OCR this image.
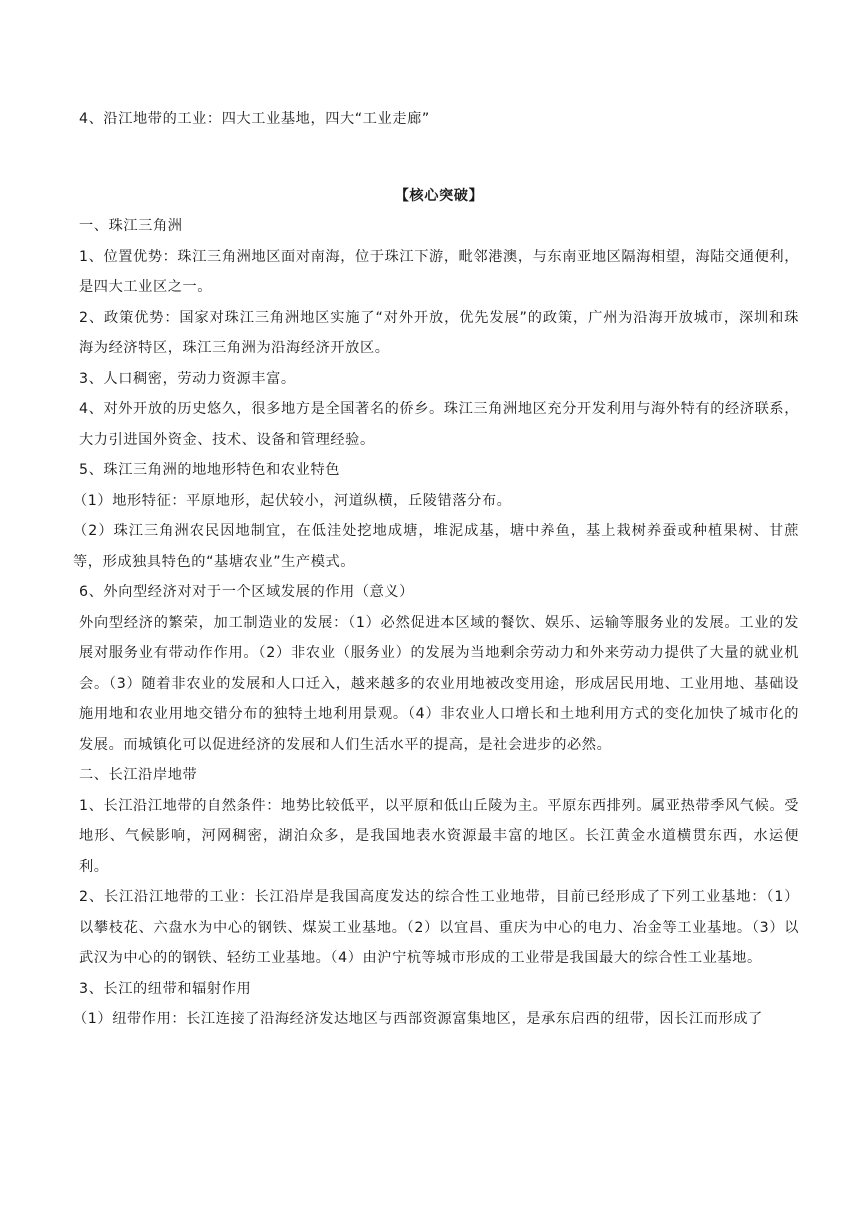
4、沿江地带的工业：四大工业基地，四大“工业走廊”

【核心突破】

一、珠江三角洲

1、位置优势：珠江三角洲地区面对南海，位于珠江下游，毗邻港澳，与东南亚地区隔海相望，海陆交通便利，是四大工业区之一。

2、政策优势：国家对珠江三角洲地区实施了“对外开放，优先发展”的政策，广州为沿海开放城市，深圳和珠海为经济特区，珠江三角洲为沿海经济开放区。

3、人口稠密，劳动力资源丰富。

4、对外开放的历史悠久，很多地方是全国著名的侨乡。珠江三角洲地区充分开发利用与海外特有的经济联系，大力引进国外资金、技术、设备和管理经验。

5、珠江三角洲的地地形特色和农业特色

（1）地形特征：平原地形，起伏较小，河道纵横，丘陵错落分布。

（2）珠江三角洲农民因地制宜，在低洼处挖地成塘，堆泥成基，塘中养鱼，基上栽树养蚕或种植果树、甘蔗等，形成独具特色的“基塘农业”生产模式。

6、外向型经济对对于一个区域发展的作用（意义）

外向型经济的繁荣，加工制造业的发展：（1）必然促进本区域的餐饮、娱乐、运输等服务业的发展。工业的发展对服务业有带动作作用。（2）非农业（服务业）的发展为当地剩余劳动力和外来劳动力提供了大量的就业机会。（3）随着非农业的发展和人口迁入，越来越多的农业用地被改变用途，形成居民用地、工业用地、基础设施用地和农业用地交错分布的独特土地利用景观。（4）非农业人口增长和土地利用方式的变化加快了城市化的发展。而城镇化可以促进经济的发展和人们生活水平的提高，是社会进步的必然。

二、长江沿岸地带

1、长江沿江地带的自然条件：地势比较低平，以平原和低山丘陵为主。平原东西排列。属亚热带季风气候。受地形、气候影响，河网稠密，湖泊众多，是我国地表水资源最丰富的地区。长江黄金水道横贯东西，水运便利。

2、长江沿江地带的工业：长江沿岸是我国高度发达的综合性工业地带，目前已经形成了下列工业基地：（1）以攀枝花、六盘水为中心的钢铁、煤炭工业基地。（2）以宜昌、重庆为中心的电力、冶金等工业基地。（3）以武汉为中心的的钢铁、轻纺工业基地。（4）由沪宁杭等城市形成的工业带是我国最大的综合性工业基地。

3、长江的纽带和辐射作用

（1）纽带作用：长江连接了沿海经济发达地区与西部资源富集地区，是承东启西的纽带，因长江而形成了
